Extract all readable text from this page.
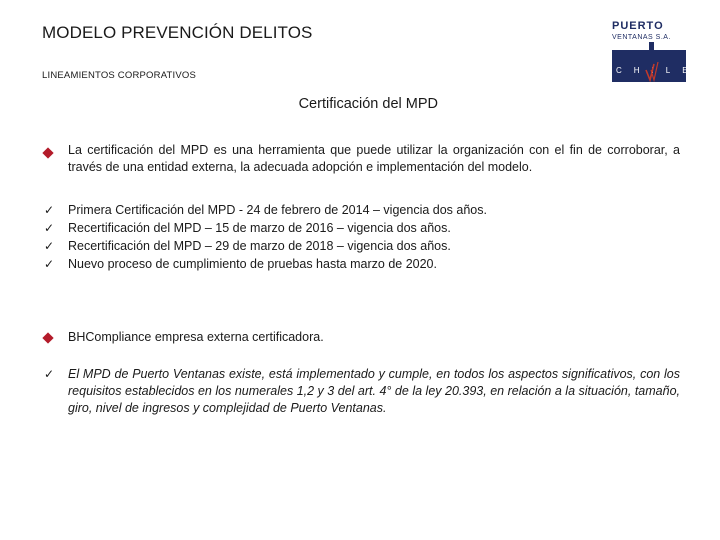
MODELO PREVENCIÓN DELITOS
LINEAMIENTOS CORPORATIVOS
PUERTO
VENTANAS S.A.
CHILE
Certificación del MPD
La certificación del MPD es una herramienta que puede utilizar la organización con el fin de corroborar, a través de una entidad externa, la adecuada adopción e implementación del modelo.
✓
✓
✓
✓

Primera Certificación del MPD - 24 de febrero de 2014 – vigencia dos años.

Recertificación del MPD – 15 de marzo de 2016 – vigencia dos años.

Recertificación del MPD – 29 de marzo de 2018 – vigencia dos años.

Nuevo proceso de cumplimiento de pruebas hasta marzo de 2020.

BHCompliance empresa externa certificadora.
✓ El MPD de Puerto Ventanas existe, está implementado y cumple, en todos los aspectos significativos, con los requisitos establecidos en los numerales 1,2 y 3 del art. 4° de la ley 20.393, en relación a la situación, tamaño, giro, nivel de ingresos y complejidad de Puerto Ventanas.
